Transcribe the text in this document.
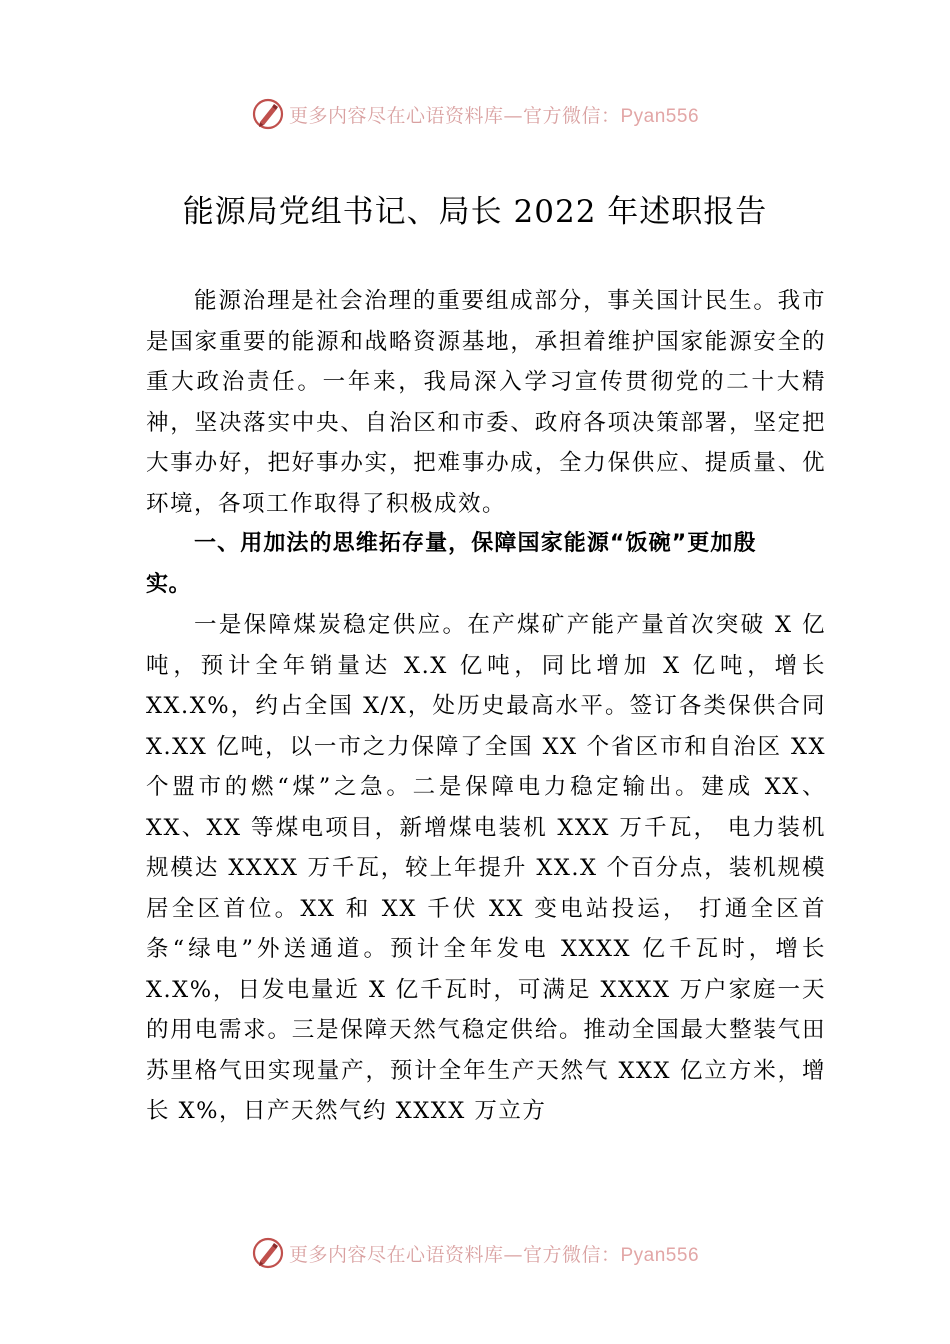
更多内容尽在心语资料库—官方微信：Pyan556
能源局党组书记、局长 2022 年述职报告

能源治理是社会治理的重要组成部分，事关国计民生。我市是国家重要的能源和战略资源基地，承担着维护国家能源安全的重大政治责任。一年来，我局深入学习宣传贯彻党的二十大精神，坚决落实中央、自治区和市委、政府各项决策部署，坚定把大事办好，把好事办实，把难事办成，全力保供应、提质量、优环境，各项工作取得了积极成效。

一、用加法的思维拓存量，保障国家能源“饭碗”更加殷实。

一是保障煤炭稳定供应。在产煤矿产能产量首次突破 X 亿吨，预计全年销量达 X.X 亿吨，同比增加 X 亿吨，增长 XX.X%，约占全国 X/X，处历史最高水平。签订各类保供合同 X.XX 亿吨，以一市之力保障了全国 XX 个省区市和自治区 XX 个盟市的燃“煤”之急。二是保障电力稳定输出。建成 XX、XX、XX 等煤电项目，新增煤电装机 XXX 万千瓦， 电力装机规模达 XXXX 万千瓦，较上年提升 XX.X 个百分点，装机规模居全区首位。XX 和 XX 千伏 XX 变电站投运， 打通全区首条“绿电”外送通道。预计全年发电 XXXX 亿千瓦时，增长 X.X%，日发电量近 X 亿千瓦时，可满足 XXXX 万户家庭一天的用电需求。三是保障天然气稳定供给。推动全国最大整装气田苏里格气田实现量产，预计全年生产天然气 XXX 亿立方米，增长 X%，日产天然气约 XXXX 万立方

更多内容尽在心语资料库—官方微信：Pyan556
